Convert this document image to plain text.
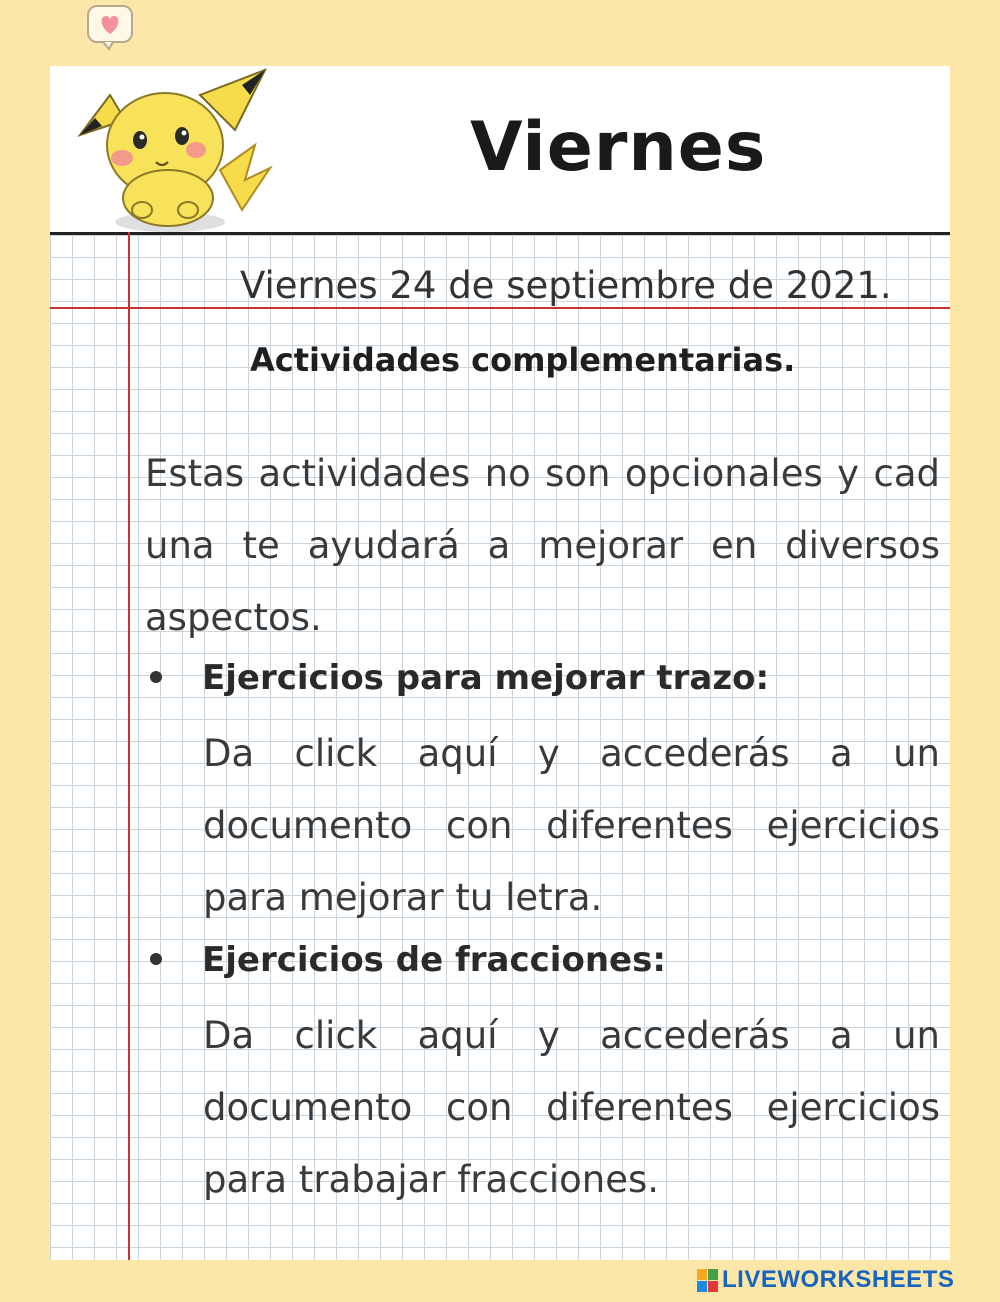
Viernes
Viernes 24 de septiembre de 2021.
Actividades complementarias.
Estas actividades no son opcionales y cad una te ayudará a mejorar en diversos aspectos.
Ejercicios para mejorar trazo:
Da click aquí y accederás a un documento con diferentes ejercicios para mejorar tu letra.
Ejercicios de fracciones:
Da click aquí y accederás a un documento con diferentes ejercicios para trabajar fracciones.
LIVEWORKSHEETS
